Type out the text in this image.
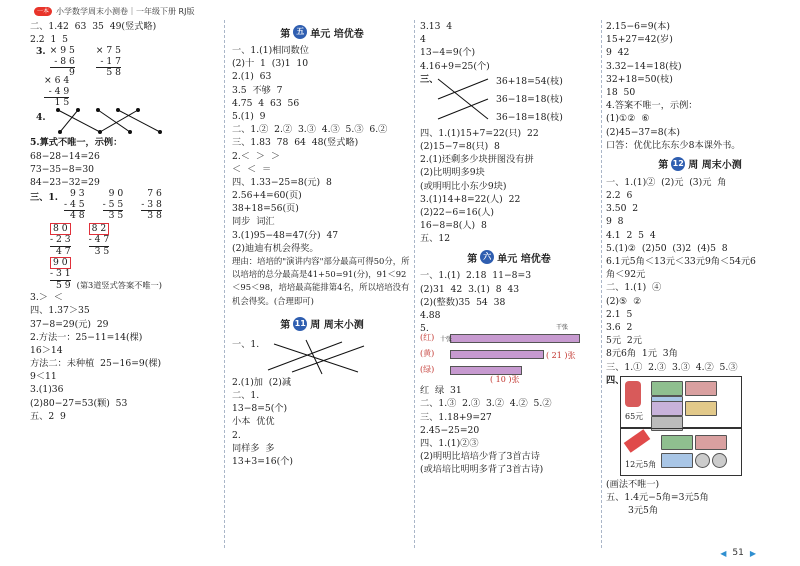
一本 小学数学周末小测卷｜一年级下册 RJ版
二、1.42  63  35  49(竖式略)
2.2  1  5
3. × 9 5
- 8 6
9

× 7 5
- 1 7
5 8
× 6 4
- 4 9
1 5
4.
5.算式不唯一，示例：
68−28−14=26
73−35−8=30
84−23−32=29
三、1.	9 3
- 4 5
4 8
9 0
- 5 5
3 5
7 6
- 3 8
3 8
8 0
- 2 3
4 7
8 2
- 4 7
3 5
9 0
- 3 1
5 9 (第3道竖式答案不唯一)
3.＞  ＜
四、1.37＞35
37−8=29(元)  29
2.方法一：25−11=14(棵)
16＞14
方法二：未种植  25−16=9(棵)
9＜11
3.(1)36
(2)80−27=53(颗)  53
五、2  9
第 五 单元 培优卷
一、1.(1)相同数位
(2)十  1  (3)1  10
2.(1)  63
3.5  不够  7
4.75  4  63  56
5.(1)  9
二、1.②  2.②  3.③  4.③  5.③  6.②
三、1.83  78  64  48(竖式略)
2.＜  ＞  ＞
＜  ＜  ＝
四、1.33−25=8(元)  8
2.56+4=60(页)
38+18=56(页)
同步  词汇
3.(1)95−48=47(分)  47
(2)迪迪有机会得奖。
理由：培培的"演讲内容"部分最高可得50分，所以培培的总分最高是41+50=91(分)，91＜92＜95＜98，培培最高能排第4名，所以培培没有机会得奖。(合理即可)
第 11 周 周末小测
一、1.
2.(1)加  (2)减
二、1.
13−8=5(个)
小本  优优
2.
同样多  多
13+3=16(个)
3.13  4
4
13−4=9(个)
4.16+9=25(个)
三、	36+18=54(枝)
36−18=18(枝)
36−18=18(枝)
四、1.(1)15+7=22(只)  22
(2)15−7=8(只)  8
2.(1)还剩多少块拼图没有拼
(2)比明明多9块
(或明明比小东少9块)
3.(1)14+8=22(人)  22
(2)22−6=16(人)
16−8=8(人)  8
五、12
第 六 单元 培优卷
一、1.(1)  2.18  11−8=3
(2)31  42  3.(1)  8  43
(2)(整数)35  54  38
4.88
5.	干张
(红)
(黄)
(绿)
十张
( 21 )张
( 10 )张
红  绿  31
二、1.③  2.③  3.②  4.②  5.②
三、1.18+9=27
2.45−25=20
四、1.(1)②③
(2)明明比培培少背了3首古诗
(或培培比明明多背了3首古诗)
2.15−6=9(本)
15+27=42(岁)
9  42
3.32−14=18(枝)
32+18=50(枝)
18  50
4.答案不唯一，示例：
(1)①②  ⑥
(2)45−37=8(本)
口答：优优比东东少8本课外书。
第 12 周 周末小测
一、1.(1)②  (2)元  (3)元  角
2.2  6
3.50  2
9  8
4.1  2  5  4
5.(1)②  (2)50  (3)2  (4)5  8
6.1元5角＜13元＜33元9角＜54元6
角＜92元
二、1.(1)  ④
(2)⑤  ②
2.1  5
3.6  2
5元  2元
8元6角  1元  3角
三、1.①  2.③  3.③  4.②  5.③
四、
65元
12元5角
(画法不唯一)
五、1.4元−5角=3元5角
3元5角
◀ 51 ▶
